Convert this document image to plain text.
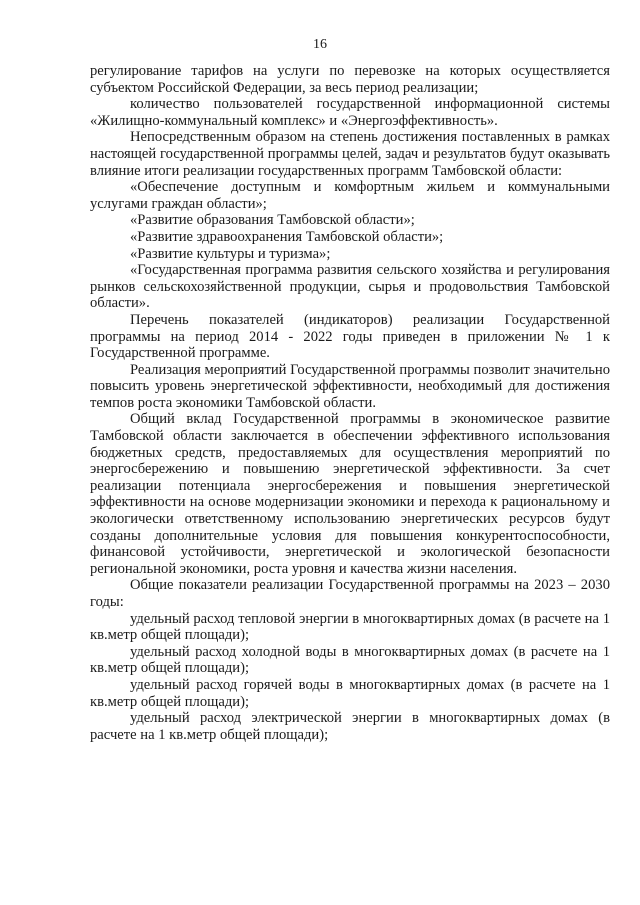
16

регулирование тарифов на услуги по перевозке на которых осуществляется субъектом Российской Федерации, за весь период реализации;

количество пользователей государственной информационной системы «Жилищно-коммунальный комплекс» и «Энергоэффективность».

Непосредственным образом на степень достижения поставленных в рамках настоящей государственной программы целей, задач и результатов будут оказывать влияние итоги реализации государственных программ Тамбовской области:

«Обеспечение доступным и комфортным жильем и коммунальными услугами граждан области»;

«Развитие образования Тамбовской области»;

«Развитие здравоохранения Тамбовской области»;

«Развитие культуры и туризма»;

«Государственная программа развития сельского хозяйства и регулирования рынков сельскохозяйственной продукции, сырья и продовольствия Тамбовской области».

Перечень показателей (индикаторов) реализации Государственной программы на период 2014 - 2022 годы приведен в приложении № 1 к Государственной программе.

Реализация мероприятий Государственной программы позволит значительно повысить уровень энергетической эффективности, необходимый для достижения темпов роста экономики Тамбовской области.

Общий вклад Государственной программы в экономическое развитие Тамбовской области заключается в обеспечении эффективного использования бюджетных средств, предоставляемых для осуществления мероприятий по энергосбережению и повышению энергетической эффективности. За счет реализации потенциала энергосбережения и повышения энергетической эффективности на основе модернизации экономики и перехода к рациональному и экологически ответственному использованию энергетических ресурсов будут созданы дополнительные условия для повышения конкурентоспособности, финансовой устойчивости, энергетической и экологической безопасности региональной экономики, роста уровня и качества жизни населения.

Общие показатели реализации Государственной программы на 2023 – 2030 годы:

удельный расход тепловой энергии в многоквартирных домах (в расчете на 1 кв.метр общей площади);

удельный расход холодной воды в многоквартирных домах (в расчете на 1 кв.метр общей площади);

удельный расход горячей воды в многоквартирных домах (в расчете на 1 кв.метр общей площади);

удельный расход электрической энергии в многоквартирных домах (в расчете на 1 кв.метр общей площади);
